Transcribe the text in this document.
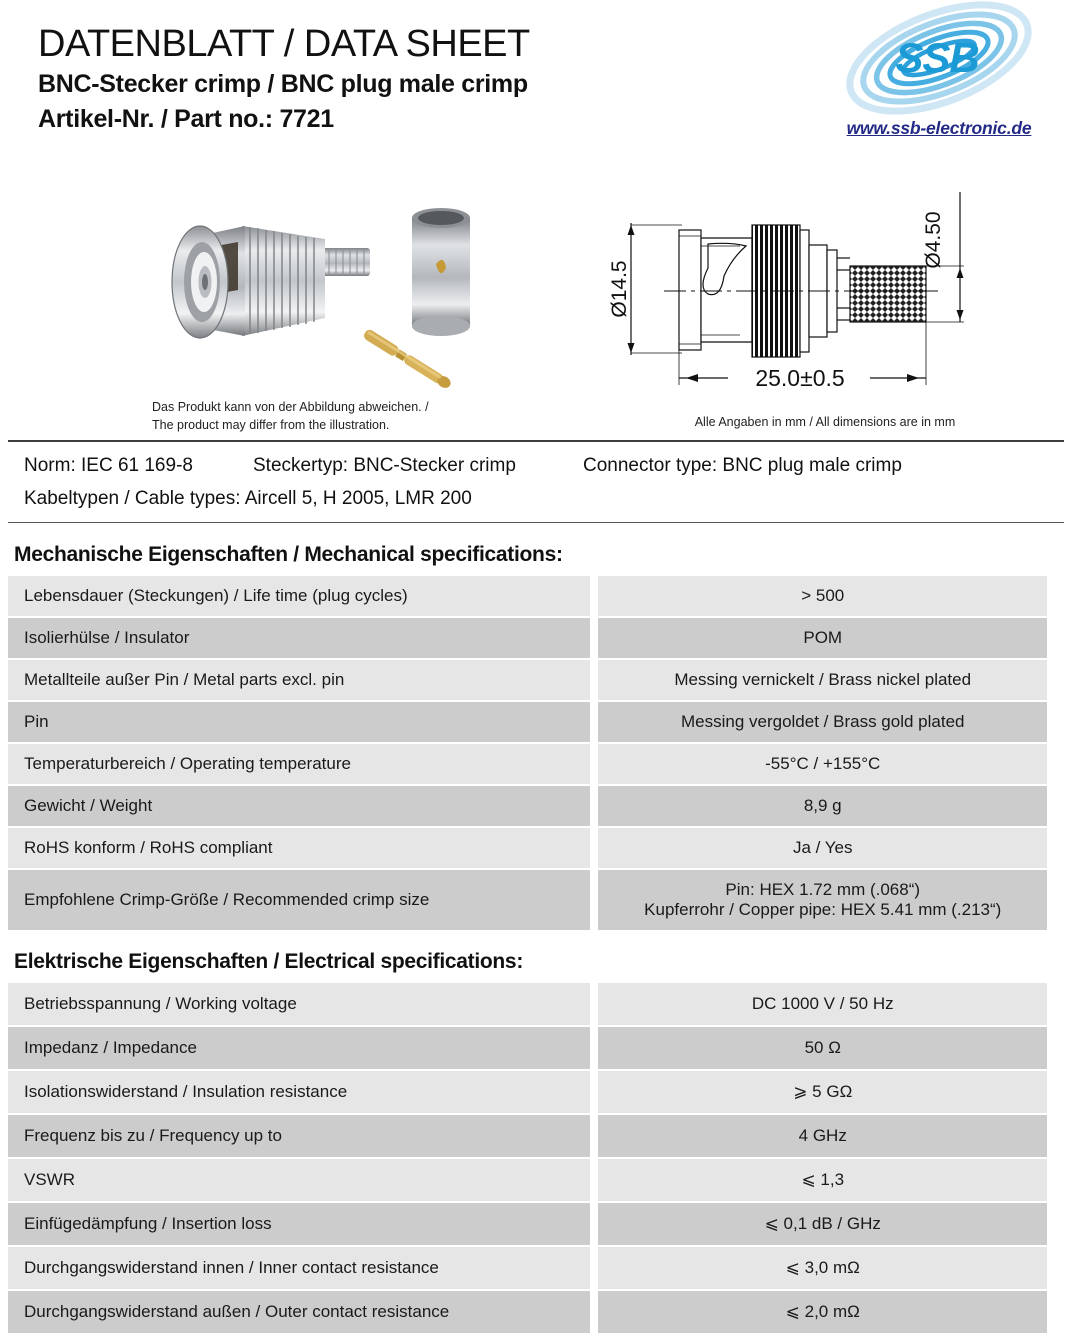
DATENBLATT / DATA SHEET
BNC-Stecker crimp / BNC plug male crimp
Artikel-Nr. / Part no.: 7721
SSB
www.ssb-electronic.de
Das Produkt kann von der Abbildung abweichen. /
The product may differ from the illustration.
Ø14.5
Ø4.50
25.0±0.5
Alle Angaben in mm / All dimensions are in mm
Norm: IEC 61 169-8	Steckertyp: BNC-Stecker crimp	Connector type: BNC plug male crimp
Kabeltypen / Cable types: Aircell 5, H 2005, LMR 200
Mechanische Eigenschaften / Mechanical specifications:
Lebensdauer (Steckungen) / Life time (plug cycles)	> 500
Isolierhülse / Insulator	POM
Metallteile außer Pin / Metal parts excl. pin	Messing vernickelt / Brass nickel plated
Pin	Messing vergoldet / Brass gold plated
Temperaturbereich / Operating temperature	-55°C / +155°C
Gewicht / Weight	8,9 g
RoHS konform / RoHS compliant	Ja / Yes
Empfohlene Crimp-Größe / Recommended crimp size	Pin: HEX 1.72 mm (.068“)
Kupferrohr / Copper pipe: HEX 5.41 mm (.213“)
Elektrische Eigenschaften / Electrical specifications:
Betriebsspannung / Working voltage	DC 1000 V / 50 Hz
Impedanz / Impedance	50 Ω
Isolationswiderstand / Insulation resistance	⩾ 5 GΩ
Frequenz bis zu / Frequency up to	4 GHz
VSWR	⩽ 1,3
Einfügedämpfung / Insertion loss	⩽ 0,1 dB / GHz
Durchgangswiderstand innen / Inner contact resistance	⩽ 3,0 mΩ
Durchgangswiderstand außen / Outer contact resistance	⩽ 2,0 mΩ
